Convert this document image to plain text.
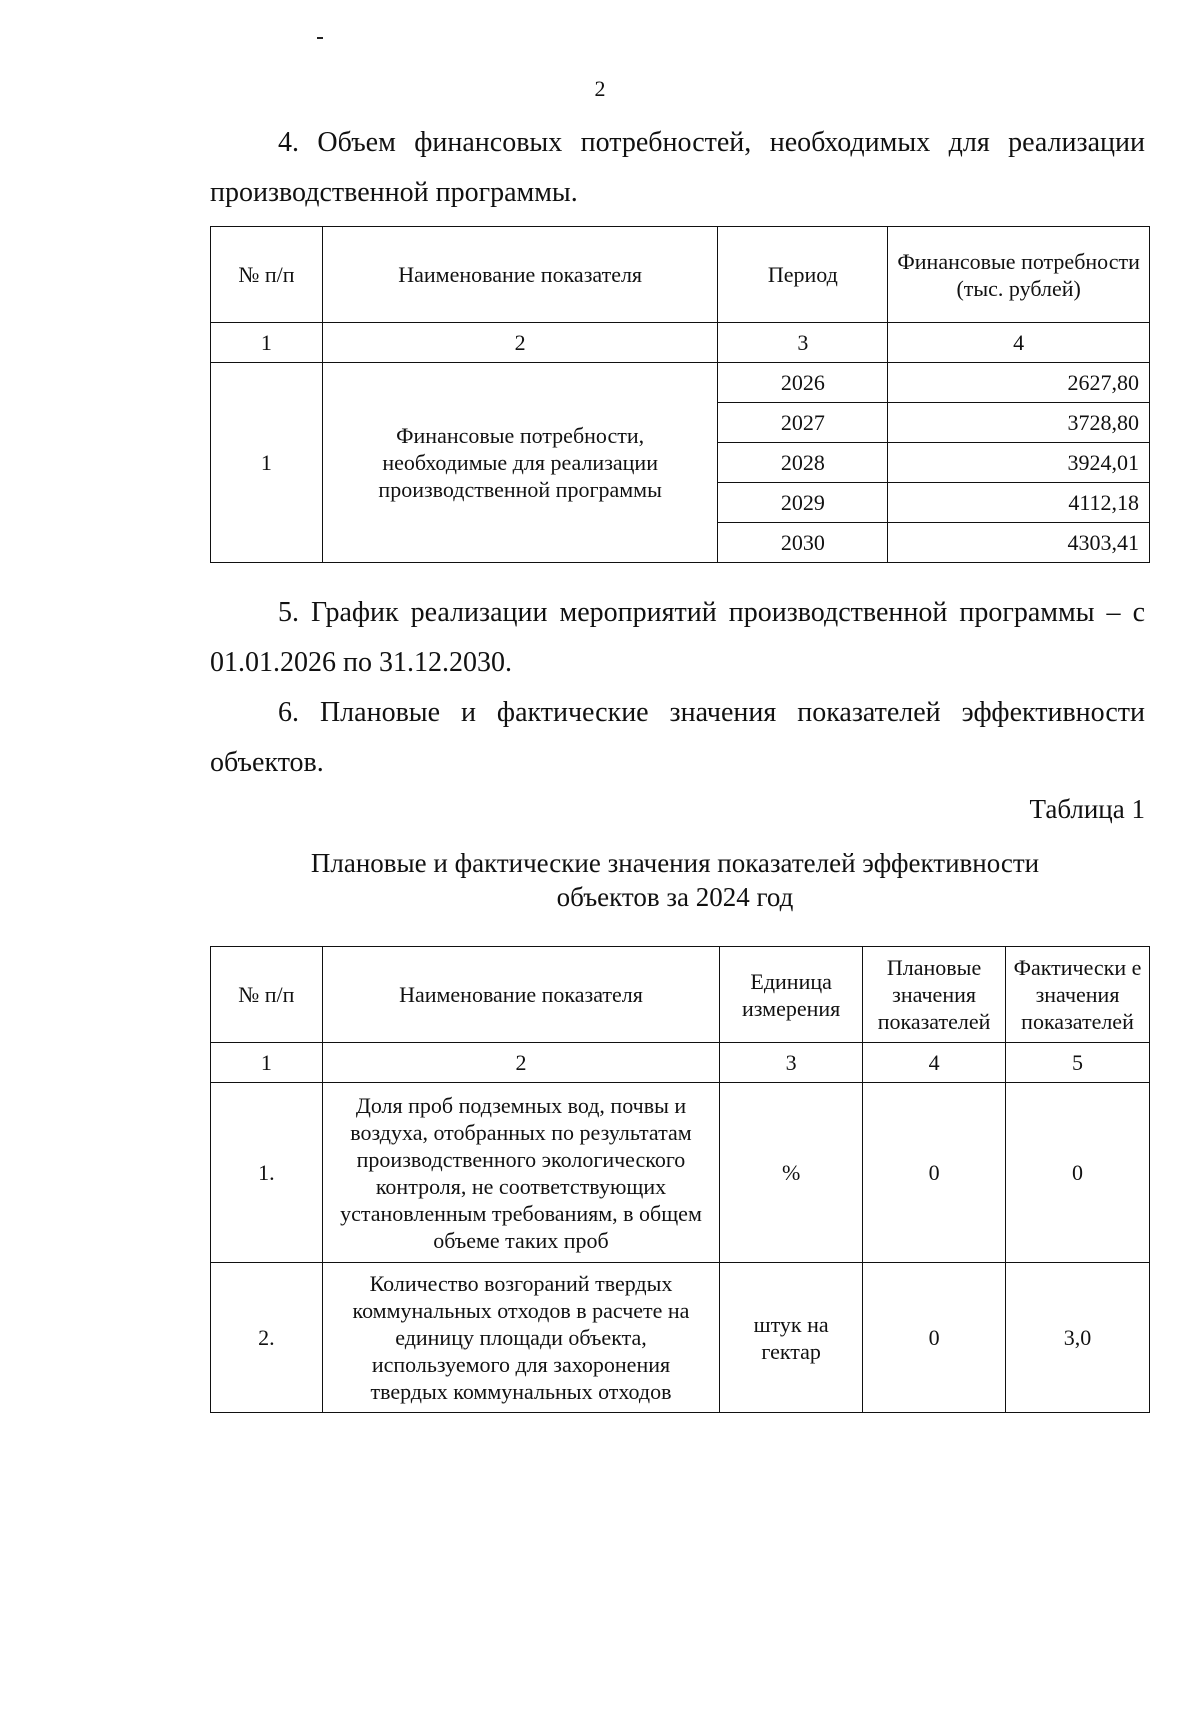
2
4. Объем финансовых потребностей, необходимых для реализации производственной программы.
№ п/п	Наименование показателя	Период	Финансовые потребности (тыс. рублей)
1	2	3	4
1	Финансовые потребности, необходимые для реализации производственной программы	2026	2627,80
		2027	3728,80
		2028	3924,01
		2029	4112,18
		2030	4303,41
5. График реализации мероприятий производственной программы – с 01.01.2026 по 31.12.2030.
6. Плановые и фактические значения показателей эффективности объектов.
Таблица 1
Плановые и фактические значения показателей эффективности
объектов за 2024 год
№ п/п	Наименование показателя	Единица измерения	Плановые значения показателей	Фактически е значения показателей
1	2	3	4	5
1.	Доля проб подземных вод, почвы и воздуха, отобранных по результатам производственного экологического контроля, не соответствующих установленным требованиям, в общем объеме таких проб	%	0	0
2.	Количество возгораний твердых коммунальных отходов в расчете на единицу площади объекта, используемого для захоронения твердых коммунальных отходов	штук на гектар	0	3,0
